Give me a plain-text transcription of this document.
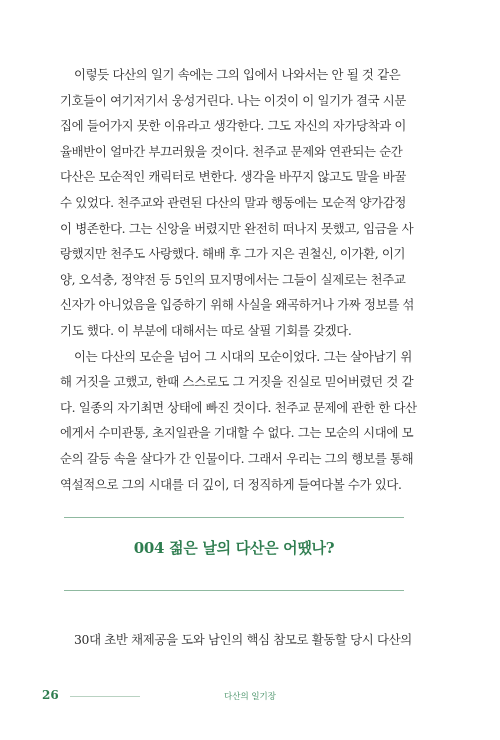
이렇듯 다산의 일기 속에는 그의 입에서 나와서는 안 될 것 같은
기호들이 여기저기서 웅성거린다. 나는 이것이 이 일기가 결국 시문
집에 들어가지 못한 이유라고 생각한다. 그도 자신의 자가당착과 이
율배반이 얼마간 부끄러웠을 것이다. 천주교 문제와 연관되는 순간
다산은 모순적인 캐릭터로 변한다. 생각을 바꾸지 않고도 말을 바꿀
수 있었다. 천주교와 관련된 다산의 말과 행동에는 모순적 양가감정
이 병존한다. 그는 신앙을 버렸지만 완전히 떠나지 못했고, 임금을 사
랑했지만 천주도 사랑했다. 해배 후 그가 지은 권철신, 이가환, 이기
양, 오석충, 정약전 등 5인의 묘지명에서는 그들이 실제로는 천주교
신자가 아니었음을 입증하기 위해 사실을 왜곡하거나 가짜 정보를 섞
기도 했다. 이 부분에 대해서는 따로 살필 기회를 갖겠다.
이는 다산의 모순을 넘어 그 시대의 모순이었다. 그는 살아남기 위
해 거짓을 고했고, 한때 스스로도 그 거짓을 진실로 믿어버렸던 것 같
다. 일종의 자기최면 상태에 빠진 것이다. 천주교 문제에 관한 한 다산
에게서 수미관통, 초지일관을 기대할 수 없다. 그는 모순의 시대에 모
순의 갈등 속을 살다가 간 인물이다. 그래서 우리는 그의 행보를 통해
역설적으로 그의 시대를 더 깊이, 더 정직하게 들여다볼 수가 있다.
004 젊은 날의 다산은 어땠나?
30대 초반 채제공을 도와 남인의 핵심 참모로 활동할 당시 다산의
26	다산의 일기장
